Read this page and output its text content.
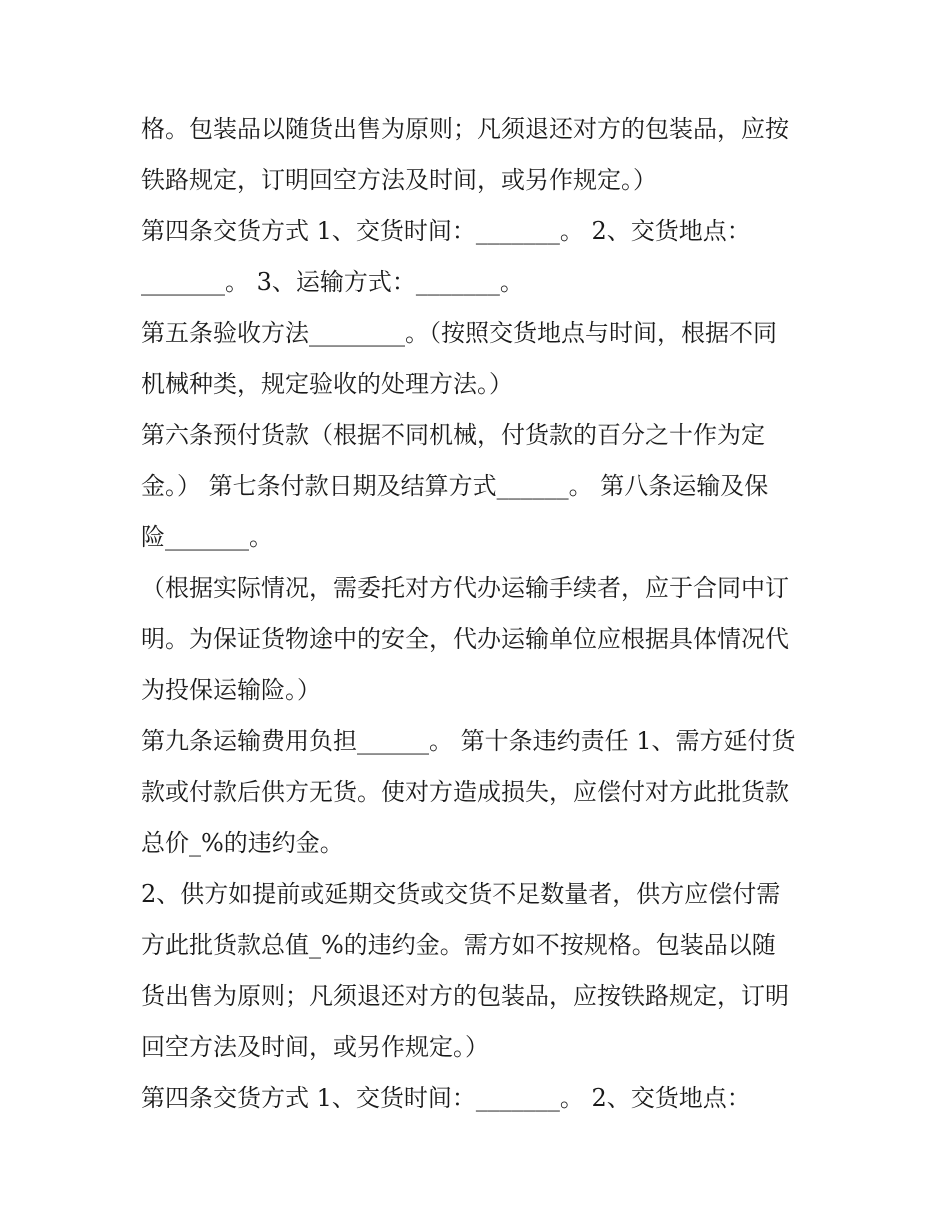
格。包装品以随货出售为原则；凡须退还对方的包装品，应按
铁路规定，订明回空方法及时间，或另作规定。）
第四条交货方式 1、交货时间：_______。 2、交货地点：
_______。 3、运输方式：_______。
第五条验收方法________。（按照交货地点与时间，根据不同
机械种类，规定验收的处理方法。）
第六条预付货款（根据不同机械，付货款的百分之十作为定
金。） 第七条付款日期及结算方式______。 第八条运输及保
险_______。
（根据实际情况，需委托对方代办运输手续者，应于合同中订
明。为保证货物途中的安全，代办运输单位应根据具体情况代
为投保运输险。）
第九条运输费用负担______。 第十条违约责任 1、需方延付货
款或付款后供方无货。使对方造成损失，应偿付对方此批货款
总价_%的违约金。
2、供方如提前或延期交货或交货不足数量者，供方应偿付需
方此批货款总值_%的违约金。需方如不按规格。包装品以随
货出售为原则；凡须退还对方的包装品，应按铁路规定，订明
回空方法及时间，或另作规定。）
第四条交货方式 1、交货时间：_______。 2、交货地点：
